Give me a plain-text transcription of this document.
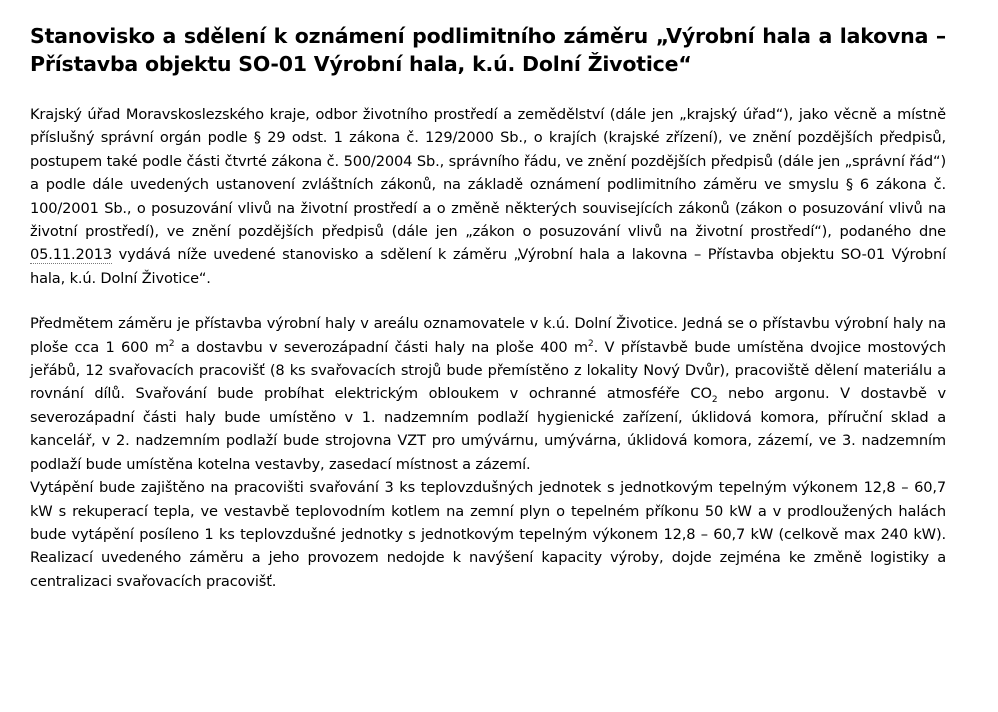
Stanovisko a sdělení k oznámení podlimitního záměru „Výrobní hala a lakovna – Přístavba objektu SO-01 Výrobní hala, k.ú. Dolní Životice“

Krajský úřad Moravskoslezského kraje, odbor životního prostředí a zemědělství (dále jen „krajský úřad“), jako věcně a místně příslušný správní orgán podle § 29 odst. 1 zákona č. 129/2000 Sb., o krajích (krajské zřízení), ve znění pozdějších předpisů, postupem také podle části čtvrté zákona č. 500/2004 Sb., správního řádu, ve znění pozdějších předpisů (dále jen „správní řád“) a podle dále uvedených ustanovení zvláštních zákonů, na základě oznámení podlimitního záměru ve smyslu § 6 zákona č. 100/2001 Sb., o posuzování vlivů na životní prostředí a o změně některých souvisejících zákonů (zákon o posuzování vlivů na životní prostředí), ve znění pozdějších předpisů (dále jen „zákon o posuzování vlivů na životní prostředí“), podaného dne 05.11.2013 vydává níže uvedené stanovisko a sdělení k záměru „Výrobní hala a lakovna – Přístavba objektu SO-01 Výrobní hala, k.ú. Dolní Životice“.

Předmětem záměru je přístavba výrobní haly v areálu oznamovatele v k.ú. Dolní Životice. Jedná se o přístavbu výrobní haly na ploše cca 1 600 $m^2$ a dostavbu v severozápadní části haly na ploše 400 $m^2$. V přístavbě bude umístěna dvojice mostových jeřábů, 12 svařovacích pracovišť (8 ks svařovacích strojů bude přemístěno z lokality Nový Dvůr), pracoviště dělení materiálu a rovnání dílů. Svařování bude probíhat elektrickým obloukem v ochranné atmosféře $CO_2$ nebo argonu. V dostavbě v severozápadní části haly bude umístěno v 1. nadzemním podlaží hygienické zařízení, úklidová komora, příruční sklad a kancelář, v 2. nadzemním podlaží bude strojovna VZT pro umývárnu, umývárna, úklidová komora, zázemí, ve 3. nadzemním podlaží bude umístěna kotelna vestavby, zasedací místnost a zázemí.

Vytápění bude zajištěno na pracovišti svařování 3 ks teplovzdušných jednotek s jednotkovým tepelným výkonem 12,8 – 60,7 kW s rekuperací tepla, ve vestavbě teplovodním kotlem na zemní plyn o tepelném příkonu 50 kW a v prodloužených halách bude vytápění posíleno 1 ks teplovzdušné jednotky s jednotkovým tepelným výkonem 12,8 – 60,7 kW (celkově max 240 kW). Realizací uvedeného záměru a jeho provozem nedojde k navýšení kapacity výroby, dojde zejména ke změně logistiky a centralizaci svařovacích pracovišť.
